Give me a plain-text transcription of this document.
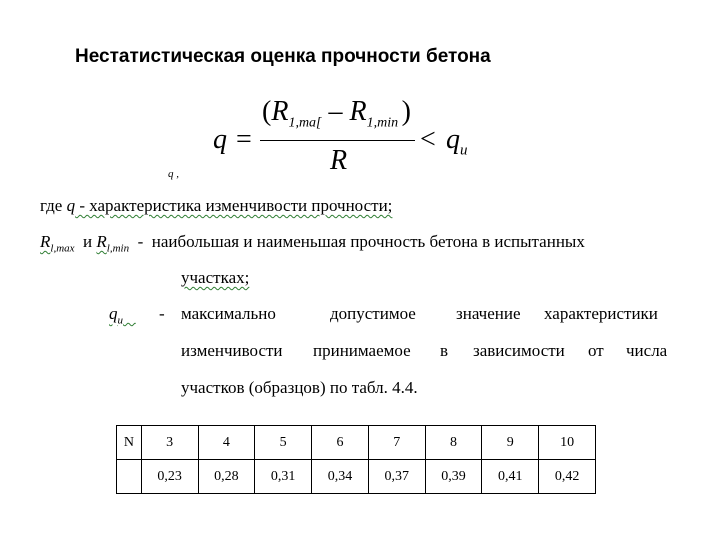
Нестатистическая оценка прочности бетона
q =
($R_{1,ma[} - R_{1,min}$ )
R
< $q_u$
q ,
где q - характеристика изменчивости прочности;
$R_{l,max}$ и $R_{l,min}$ - наибольшая и наименьшая прочность бетона в испытанных
участках;
$q_u$	- максимально	допустимое значение характеристики
изменчивости принимаемое в зависимости от числа
участков (образцов) по табл. 4.4.
N	3	4	5	6	7	8	9	10
	0,23	0,28	0,31	0,34	0,37	0,39	0,41	0,42
